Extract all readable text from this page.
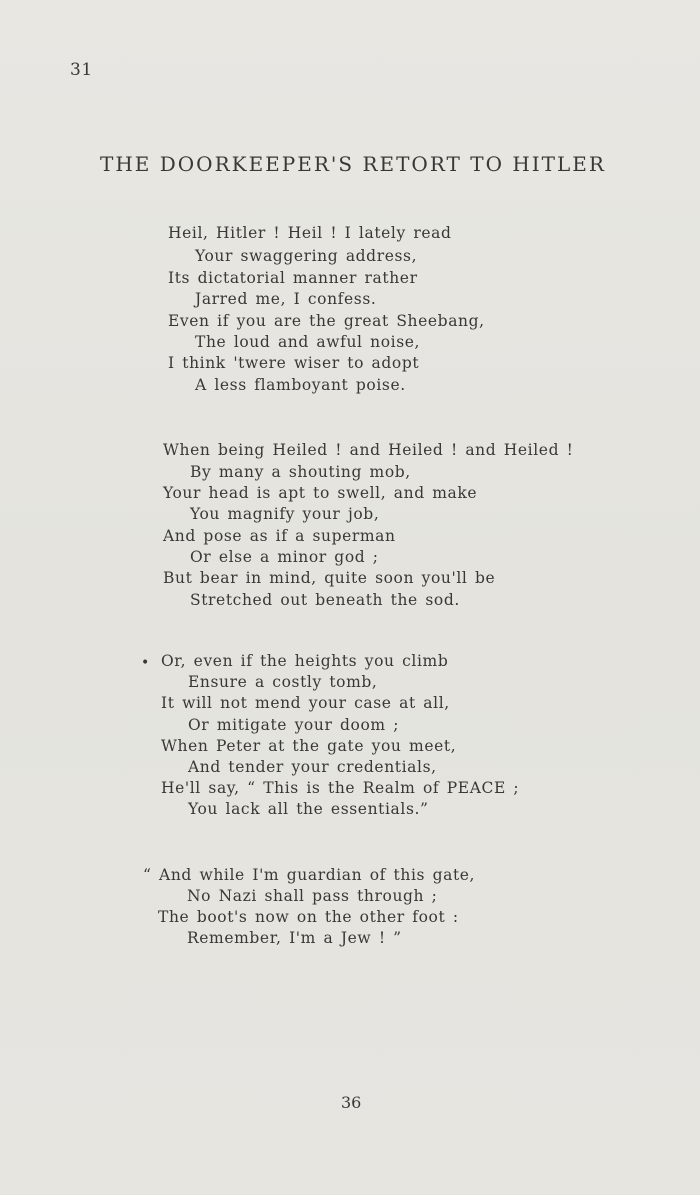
31
THE DOORKEEPER'S RETORT TO HITLER
Heil, Hitler ! Heil ! I lately read
Your swaggering address,
Its dictatorial manner rather
Jarred me, I confess.
Even if you are the great Sheebang,
The loud and awful noise,
I think 'twere wiser to adopt
A less flamboyant poise.
When being Heiled ! and Heiled ! and Heiled !
By many a shouting mob,
Your head is apt to swell, and make
You magnify your job,
And pose as if a superman
Or else a minor god ;
But bear in mind, quite soon you'll be
Stretched out beneath the sod.
• Or, even if the heights you climb
Ensure a costly tomb,
It will not mend your case at all,
Or mitigate your doom ;
When Peter at the gate you meet,
And tender your credentials,
He'll say, “ This is the Realm of PEACE ;
You lack all the essentials.”
“ And while I'm guardian of this gate,
No Nazi shall pass through ;
The boot's now on the other foot :
Remember, I'm a Jew ! ”
36
